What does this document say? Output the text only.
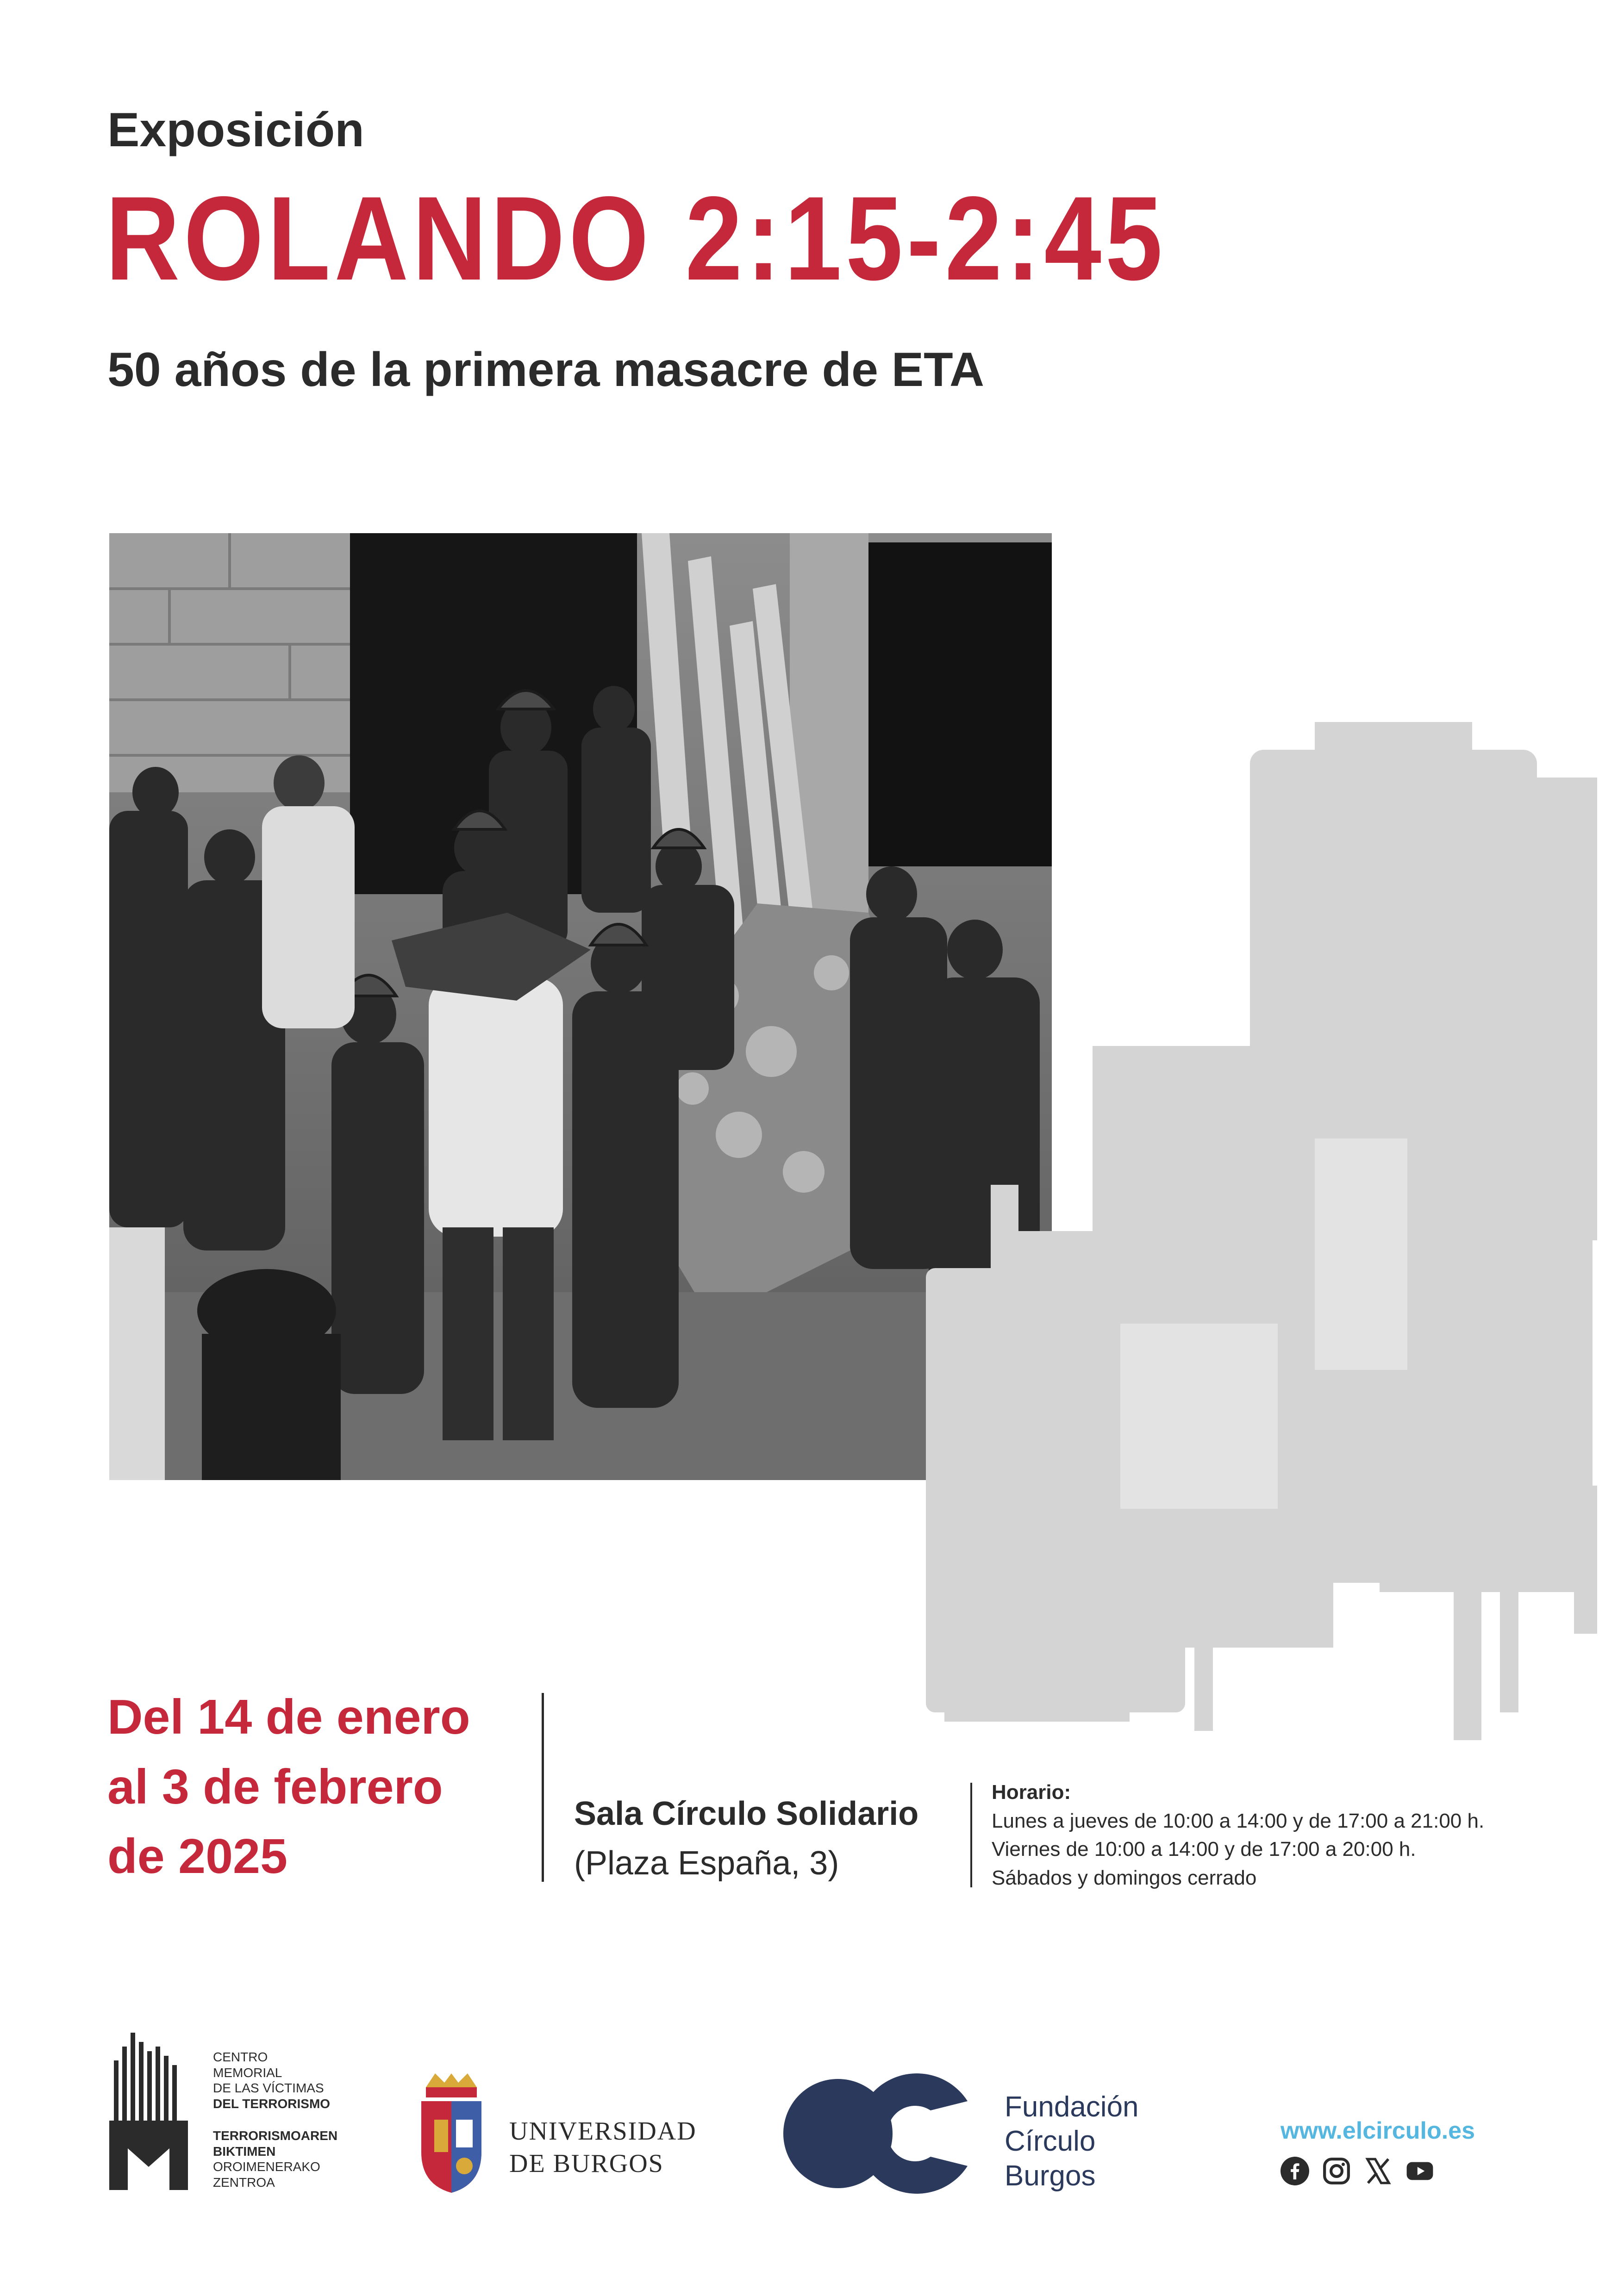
Exposición
ROLANDO 2:15-2:45
50 años de la primera masacre de ETA
Del 14 de enero
al 3 de febrero
de 2025
Sala Círculo Solidario
(Plaza España, 3)
Horario:
Lunes a jueves de 10:00 a 14:00 y de 17:00 a 21:00 h.
Viernes de 10:00 a 14:00 y de 17:00 a 20:00 h.
Sábados y domingos cerrado
CENTRO
MEMORIAL
DE LAS VÍCTIMAS
DEL TERRORISMO
TERRORISMOAREN
BIKTIMEN
OROIMENERAKO
ZENTROA
UNIVERSIDAD
DE BURGOS
Fundación
Círculo
Burgos
www.elcirculo.es
